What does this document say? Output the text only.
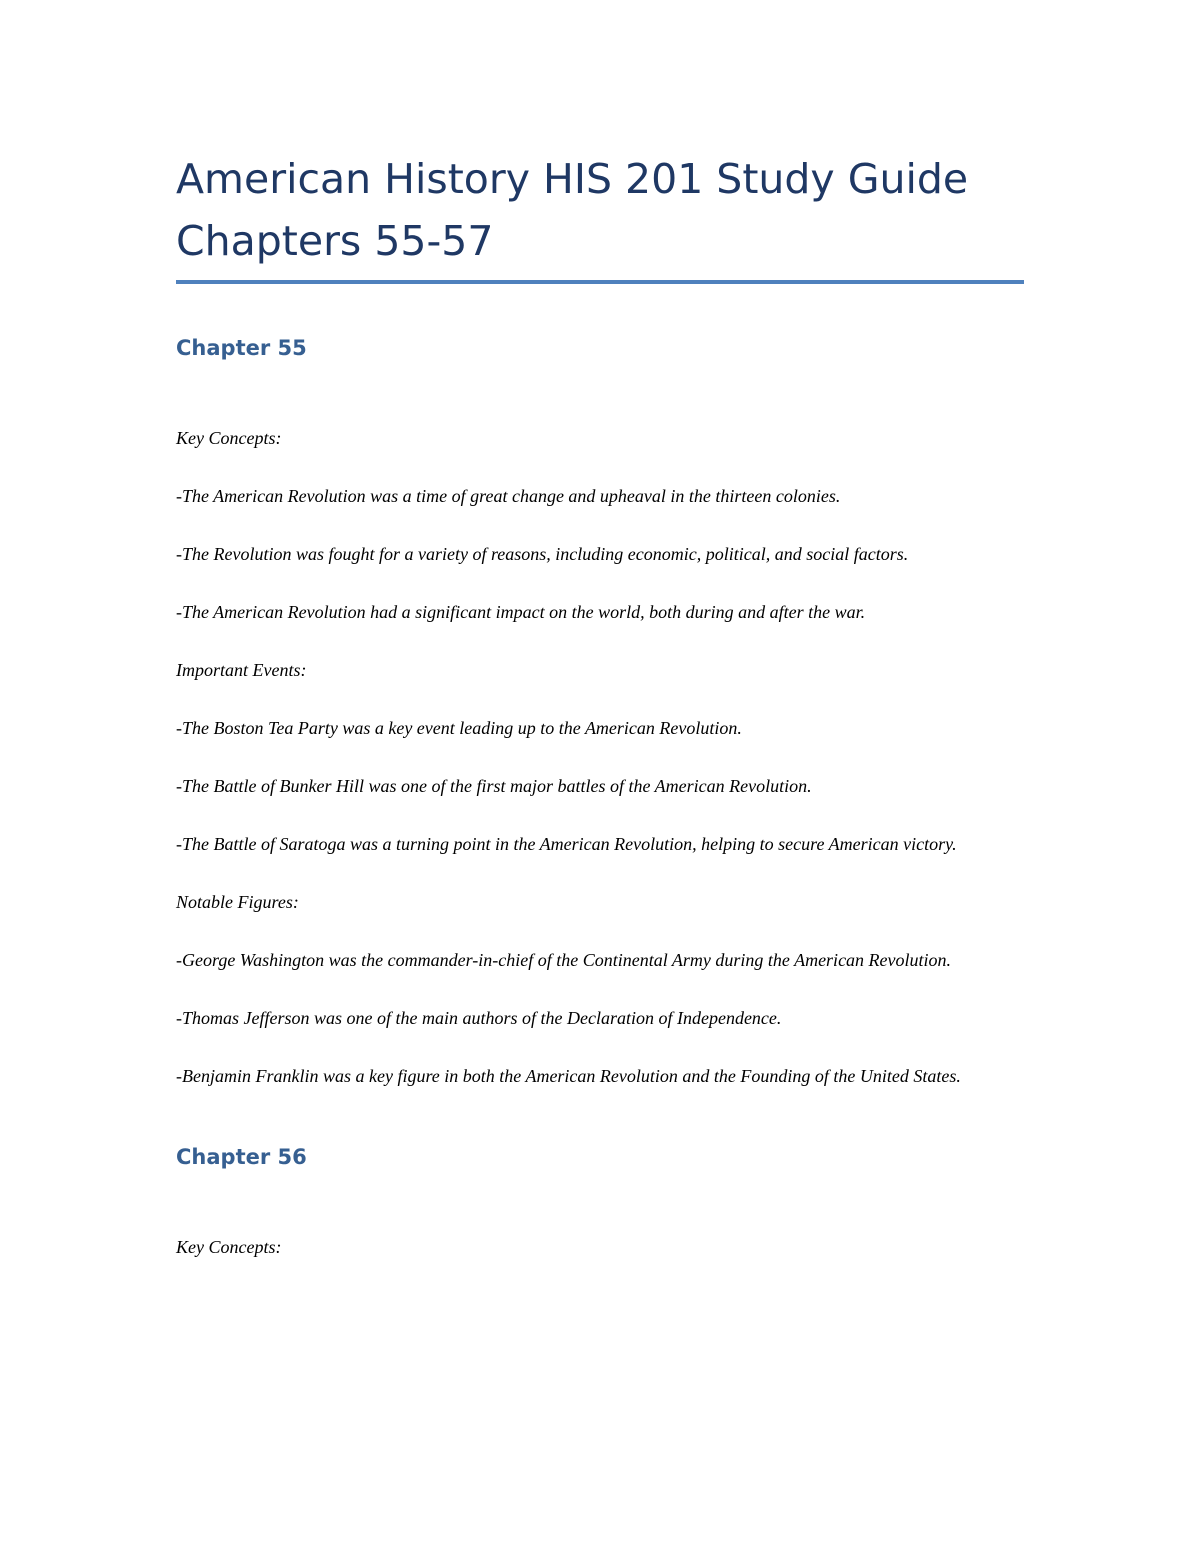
American History HIS 201 Study Guide
Chapters 55-57
Chapter 55

Key Concepts:

-The American Revolution was a time of great change and upheaval in the thirteen colonies.

-The Revolution was fought for a variety of reasons, including economic, political, and social factors.

-The American Revolution had a significant impact on the world, both during and after the war.

Important Events:

-The Boston Tea Party was a key event leading up to the American Revolution.

-The Battle of Bunker Hill was one of the first major battles of the American Revolution.

-The Battle of Saratoga was a turning point in the American Revolution, helping to secure American victory.

Notable Figures:

-George Washington was the commander-in-chief of the Continental Army during the American Revolution.

-Thomas Jefferson was one of the main authors of the Declaration of Independence.

-Benjamin Franklin was a key figure in both the American Revolution and the Founding of the United States.

Chapter 56

Key Concepts:
